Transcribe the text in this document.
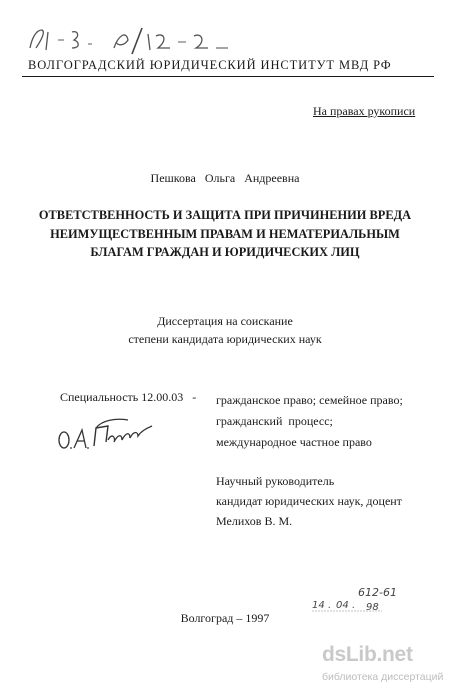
ВОЛГОГРАДСКИЙ ЮРИДИЧЕСКИЙ ИНСТИТУТ МВД РФ
На правах рукописи
Пешкова Ольга Андреевна
ОТВЕТСТВЕННОСТЬ И ЗАЩИТА ПРИ ПРИЧИНЕНИИ ВРЕДА
НЕИМУЩЕСТВЕННЫМ ПРАВАМ И НЕМАТЕРИАЛЬНЫМ
БЛАГАМ ГРАЖДАН И ЮРИДИЧЕСКИХ ЛИЦ
Диссертация на соискание
степени кандидата юридических наук
Специальность 12.00.03   - гражданское право; семейное право;
гражданский  процесс;
международное частное право
Научный руководитель
кандидат юридических наук, доцент
Мелихов В. М.
14 . 04 .
612-61
98
Волгоград – 1997
dsLib.net
библиотека диссертаций
